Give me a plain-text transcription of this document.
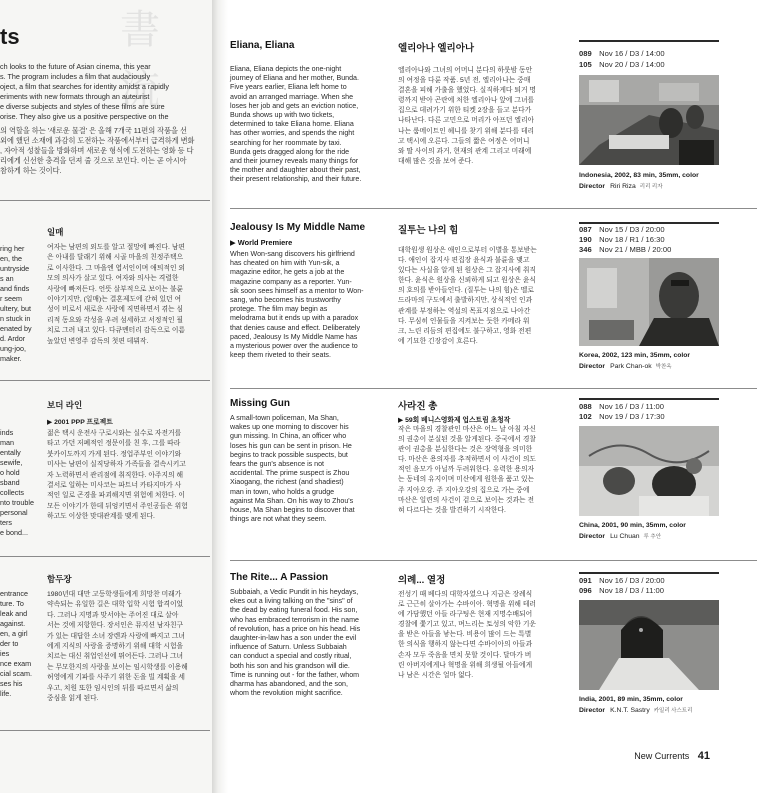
書 流
ts
ch looks to the future of Asian cinema, this year
s. The program includes a film that audaciously
oject, a film that searches for identity amidst a rapidly
eriments with new formats through an auteurist
e diverse subjects and styles of these films are sure
orise. They also give us a positive perspective on the
의 역할을 하는 '새로운 물결' 은 올해 7개국 11편의 작품을 선
외에 했던 소재에 과감히 도전하는 작품에서부터 급격하게 변화
, 자아적 성찰들을 방화하며 새로운 형식에 도전하는 영화 등 다
리에게 신선한 충격을 던져 줄 것으로 보인다. 이는 곧 아시아
참하게 하는 것이다.
일매
ring her
en, the
untryside
s an
and finds
r seem
ultery, but
n stuck in
enated by
d. Ardor
ung-joo,
maker.
여자는 남편의 외도를 알고 절망에 빠진다. 남편
은 아내를 달래기 위해 시골 마을의 친정주택으
로 이사한다. 그 마을엔 엽서인이며 애틔적인 외
모의 의사가 살고 있다. 여자와 의사는 격렬한
사랑에 빠져든다. 언뜻 살부적으로 보이는 불륜
이야기지만, (일매)는 결혼제도에 갇혀 있던 여
성이 비로서 새로운 사랑에 직면하면서 겪는 심
리적 동요와 각성을 우려 섬세하고 서정적인 필
치로 그려 내고 있다. 다큐멘터리 감독으로 이름
높았던 변영주 감독의 첫편 데뷔작.
보더 라인
▶ 2001 PPP 프로젝트
inds
man
entally
sewife,
o hold
sband
collects
nto trouble
personal
ters
e bond...
젊은 택시 운전사 구로시와는 실수로 자전거를
타고 가던 저폐적인 정문이를 친 후, 그를 따라
붓카이도까지 가게 된다. 정업주부인 이야기와
미사는 남편이 실직당하자 가족들을 결속시키고
자 노력하면서 관리점에 취직한다. 아주지의 해
결서로 일하는 미사코는 파트너 카타지마가 사
적인 일로 곤경을 파괴해지면 위험에 처한다. 이
모든 이야기가 한데 뒤엉키면서 주인공들은 위험
하고도 이상한 맞대관계를 맺게 된다.
함두장
entrance
ture. To
leak and
against.
en, a girl
der to
ies
nce exam
cial scam.
ses his
life.
1980년대 대만 고등학생들에게 희망찬 미래가
약속되는 유일한 길은 대학 입학 시험 합격이었
다. 그러나 지명과 맞서야는 주어진 대로 살아
서는 것에 저항한다. 장서인은 뮤지션 남자친구
가 있는 대답한 소녀 장렌과 사랑에 빠지고 그녀
에게 지식의 사랑을 증명하기 위해 대학 시험을
치르는 대신 취업인선에 뛰어든다. 그러나 그녀
는 무모한지의 사랑을 보이는 임시학생를 이용해
허영에게 기파를 사주기 위한 돈을 빌 계획을 세
우고, 치원 또한 임시인의 뒤를 따르면서 삶의
중심을 읽게 된다.
Eliana, Eliana
Eliana, Eliana depicts the one-night
journey of Eliana and her mother, Bunda.
Five years earlier, Eliana left home to
avoid an arranged marriage. When she
loses her job and gets an eviction notice,
Bunda shows up with two tickets,
determined to take Eliana home. Eliana
has other worries, and spends the night
searching for her roommate by taxi.
Bunda gets dragged along for the ride
and their journey reveals many things for
the mother and daughter about their past,
their present relationship, and their future.
엘리아나 엘리아나
엘리아나와 그녀의 어머니 분다의 하룻밤 동안
의 여정을 다룬 작품. 5년 전, 엘리아나는 중매
결혼을 피해 가출을 했었다. 실직하게다 퇴거 명
령까지 받아 곤란에 처한 엘리아나 앞에 그녀를
집으로 데려가기 위한 티켓 2장을 들고 분다가
나타난다. 다른 고민으로 머리가 아프던 엘리아
나는 룸메이트인 헤니를 찾기 위해 분다를 데리
고 택시에 오른다. 그들의 짧은 여정은 어머니
와 딸 사이의 과거, 현재의 관계 그리고 미래에
대해 많은 것을 보여 준다.
089 Nov 16 / D3 / 14:00
105 Nov 20 / D3 / 14:00
Indonesia, 2002, 83 min, 35mm, color
Director Riri Riza 리리 리자
Jealousy Is My Middle Name
▶ World Premiere
When Won-sang discovers his girlfriend
has cheated on him with Yun-sik, a
magazine editor, he gets a job at the
magazine company as a reporter. Yun-
sik soon sees himself as a mentor to Won-
sang, who becomes his trustworthy
protege. The film may begin as
melodrama but it ends up with a paradox
that denies cause and effect. Deliberately
paced, Jealousy Is My Middle Name has
a mysterious power over the audience to
keep them riveted to their seats.
질투는 나의 힘
대학원생 원상은 애인으로부터 이별을 통보받는
다. 애인이 잡지사 편집장 윤식과 불륜을 맺고
있다는 사실을 알게 된 원상은 그 잡지사에 취직
한다. 윤식은 원상을 신뢰하게 되고 원상은 윤식
의 호의를 받아들인다. (질투는 나의 힘)은 멜로
드라마의 구도에서 출발하지만, 상식적인 인과
관계를 부정하는 역설의 목표지점으로 나아간
다. 무심히 인물들을 지켜보는 듯한 카메라 워
크, 느린 리듬의 편집에도 불구하고, 영화 전편
에 기묘한 긴장감이 흐른다.
087 Nov 15 / D3 / 20:00
190 Nov 18 / R1 / 16:30
346 Nov 21 / MBB / 20:00
Korea, 2002, 123 min, 35mm, color
Director Park Chan-ok 박찬옥
Missing Gun
A small-town policeman, Ma Shan,
wakes up one morning to discover his
gun missing. In China, an officer who
loses his gun can be sent in prison. He
begins to track possible suspects, but
fears the gun's absence is not
accidental. The prime suspect is Zhou
Xiaogang, the richest (and shadiest)
man in town, who holds a grudge
against Ma Shan. On his way to Zhou's
house, Ma Shan begins to discover that
things are not what they seem.
사라진 총
▶ 59회 베니스영화제 업스트림 초청작
작은 마을의 경찰관인 마산은 어느 날 아침 자신
의 권총이 분실된 것을 알게된다. 중국에서 경찰
관이 권총을 분실한다는 것은 장역형을 의미한
다. 마산은 용의자를 추적하면서 이 사건이 의도
적인 음모가 아닐까 두려워한다. 유력한 용의자
는 동네의 유지이며 미산에게 원한을 품고 있는
주 지아오강. 주 지아오강의 집으로 가는 중에
마산은 일련의 사건이 겉으로 보이는 것과는 전
혀 다르다는 것을 발견하기 시작한다.
088 Nov 16 / D3 / 11:00
102 Nov 19 / D3 / 17:30
China, 2001, 90 min, 35mm, color
Director Lu Chuan 루 추안
The Rite... A Passion
Subbaiah, a Vedic Pundit in his heydays,
ekes out a living talking on the "sins" of
the dead by eating funeral food. His son,
who has embraced terrorism in the name
of revolution, has a price on his head. His
daughter-in-law has a son under the evil
influence of Saturn. Unless Subbaiah
can conduct a special and costly ritual,
both his son and his grandson will die.
Time is running out - for the father, whom
dharma has abandoned, and the son,
whom the revolution might sacrifice.
의례... 열정
전성기 때 베다의 대학자였으나 지금은 장례식
로 근근히 살아가는 수바이아. 혁명을 위해 테러
에 가담했던 아들 라구팅은 현재 지명수배되어
경찰에 쫓기고 있고, 며느리는 토성의 악한 기운
을 받은 아들을 낳는다. 비용이 많이 드는 특별
한 의식을 행하지 않는다면 수바이아의 아들과
손자 모두 죽음을 면치 못할 것이다. 달마가 버
린 아버지에게나 혁명을 위해 희생될 아들에게
나 남은 시간은 얼마 없다.
091 Nov 16 / D3 / 20:00
096 Nov 18 / D3 / 11:00
India, 2001, 89 min, 35mm, color
Director K.N.T. Sastry 카일리 사스트리
New Currents 41
